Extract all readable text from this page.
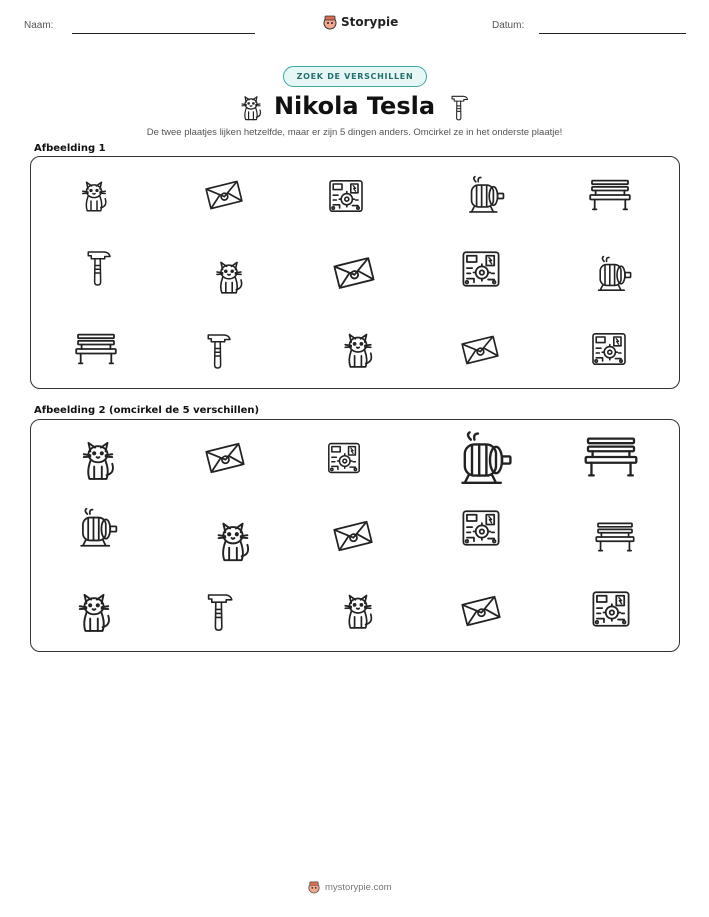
Naam:	Storypie	Datum:
ZOEK DE VERSCHILLEN
Nikola Tesla
De twee plaatjes lijken hetzelfde, maar er zijn 5 dingen anders. Omcirkel ze in het onderste plaatje!
Afbeelding 1
Afbeelding 2 (omcirkel de 5 verschillen)
mystorypie.com
